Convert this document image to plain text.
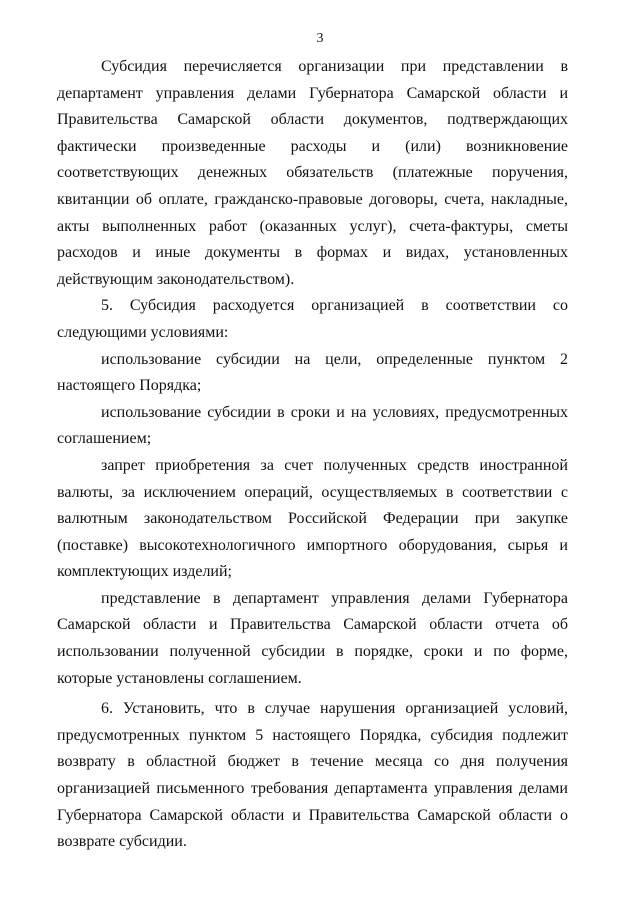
3

Субсидия перечисляется организации при представлении в департамент управления делами Губернатора Самарской области и Правительства Самарской области документов, подтверждающих фактически произведенные расходы и (или) возникновение соответствующих денежных обязательств (платежные поручения, квитанции об оплате, гражданско-правовые договоры, счета, накладные, акты выполненных работ (оказанных услуг), счета-фактуры, сметы расходов и иные документы в формах и видах, установленных действующим законодательством).

5. Субсидия расходуется организацией в соответствии со следующими условиями:

использование субсидии на цели, определенные пунктом 2 настоящего Порядка;

использование субсидии в сроки и на условиях, предусмотренных соглашением;

запрет приобретения за счет полученных средств иностранной валюты, за исключением операций, осуществляемых в соответствии с валютным законодательством Российской Федерации при закупке (поставке) высокотехнологичного импортного оборудования, сырья и комплектующих изделий;

представление в департамент управления делами Губернатора Самарской области и Правительства Самарской области отчета об использовании полученной субсидии в порядке, сроки и по форме, которые установлены соглашением.

6. Установить, что в случае нарушения организацией условий, предусмотренных пунктом 5 настоящего Порядка, субсидия подлежит возврату в областной бюджет в течение месяца со дня получения организацией письменного требования департамента управления делами Губернатора Самарской области и Правительства Самарской области о возврате субсидии.
